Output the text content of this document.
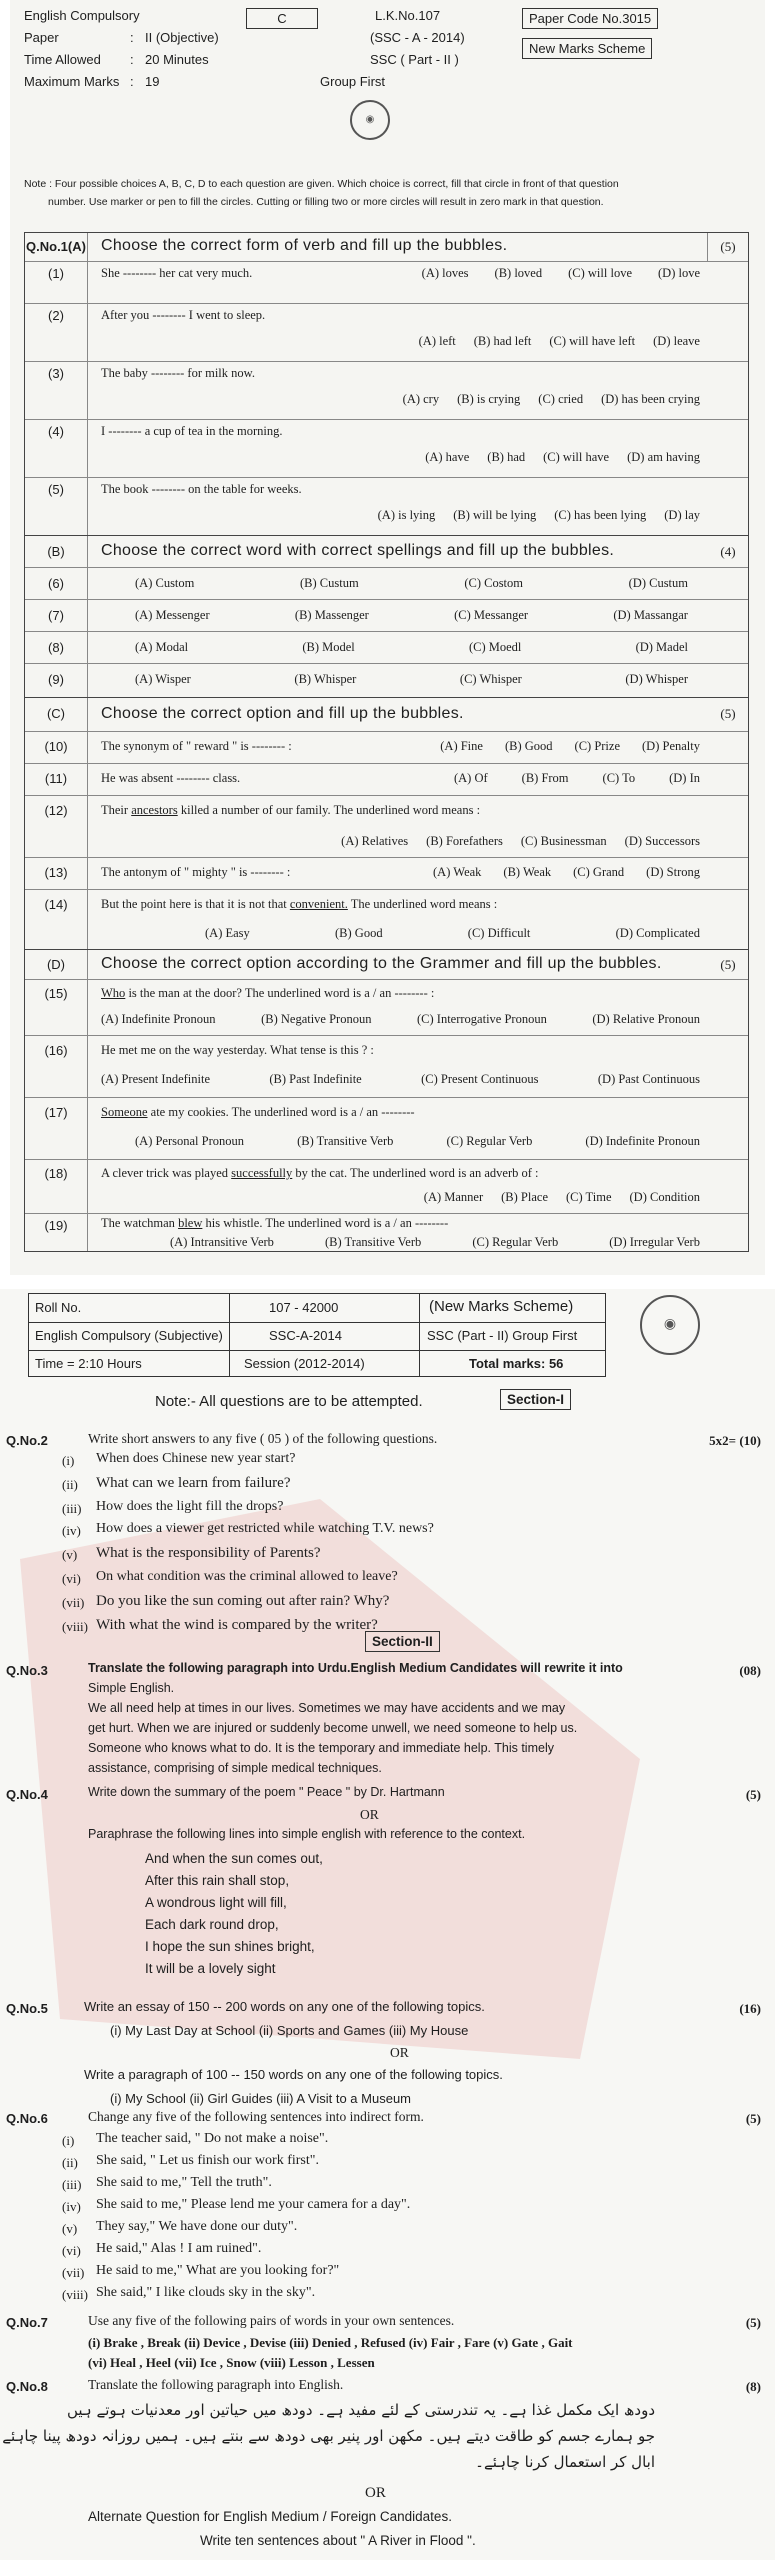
English Compulsory
Paper	: II (Objective)
Time Allowed : 20 Minutes
Maximum Marks : 19
C	L.K.No.107
(SSC - A - 2014)
SSC ( Part - II )
Group First
Paper Code No.3015
New Marks Scheme
◉
Note : Four possible choices A, B, C, D to each question are given. Which choice is correct, fill that circle in front of that question
number. Use marker or pen to fill the circles. Cutting or filling two or more circles will result in zero mark in that question.
Q.No.1(A) Choose the correct form of verb and fill up the bubbles.	(5)
(1)	She -------- her cat very much.	(A) loves (B) loved (C) will love (D) love
(2)	After you -------- I went to sleep.
(A) left (B) had left (C) will have left (D) leave
(3)	The baby -------- for milk now.
(A) cry (B) is crying (C) cried (D) has been crying
(4)	I -------- a cup of tea in the morning.
(A) have (B) had (C) will have (D) am having
(5)	The book -------- on the table for weeks.
(A) is lying (B) will be lying (C) has been lying (D) lay
(B)	Choose the correct word with correct spellings and fill up the bubbles.	(4)
(6)	(A) Custom	(B) Custum	(C) Costom	(D) Custum
(7)	(A) Messenger	(B) Massenger	(C) Messanger	(D) Massangar
(8)	(A) Modal	(B) Model	(C) Moedl	(D) Madel
(9)	(A) Wisper	(B) Whisper	(C) Whisper	(D) Whisper
(C)	Choose the correct option and fill up the bubbles.	(5)
(10)	The synonym of " reward " is -------- :	(A) Fine (B) Good (C) Prize (D) Penalty
(11)	He was absent -------- class.	(A) Of	(B) From	(C) To	(D) In
(12)	Their ancestors killed a number of our family. The underlined word means :
(A) Relatives (B) Forefathers (C) Businessman (D) Successors
(13)	The antonym of " mighty " is -------- :	(A) Weak (B) Weak (C) Grand (D) Strong
(14)	But the point here is that it is not that convenient. The underlined word means :
(A) Easy	(B) Good	(C) Difficult	(D) Complicated
(D)	Choose the correct option according to the Grammer and fill up the bubbles.	(5)
(15)	Who is the man at the door? The underlined word is a / an -------- :
(A) Indefinite Pronoun	(B) Negative Pronoun	(C) Interrogative Pronoun	(D) Relative Pronoun
(16)	He met me on the way yesterday. What tense is this ? :
(A) Present Indefinite	(B) Past Indefinite	(C) Present Continuous	(D) Past Continuous
(17)	Someone ate my cookies. The underlined word is a / an --------
(A) Personal Pronoun	(B) Transitive Verb	(C) Regular Verb	(D) Indefinite Pronoun
(18)	A clever trick was played successfully by the cat. The underlined word is an adverb of :
(A) Manner (B) Place (C) Time (D) Condition
(19)	The watchman blew his whistle. The underlined word is a / an --------
(A) Intransitive Verb	(B) Transitive Verb	(C) Regular Verb	(D) Irregular Verb
Roll No.	107 - 42000	(New Marks Scheme)
English Compulsory (Subjective)	SSC-A-2014	SSC (Part - II) Group First
Time = 2:10 Hours	Session (2012-2014)	Total marks: 56
◉
Note:- All questions are to be attempted.	Section-I
Q.No.2	Write short answers to any five ( 05 ) of the following questions.	5x2= (10)
(i) When does Chinese new year start?
(ii) What can we learn from failure?
(iii) How does the light fill the drops?
(iv) How does a viewer get restricted while watching T.V. news?
(v) What is the responsibility of Parents?
(vi) On what condition was the criminal allowed to leave?
(vii) Do you like the sun coming out after rain? Why?
(viii) With what the wind is compared by the writer?
Section-II
Q.No.3	Translate the following paragraph into Urdu.English Medium Candidates will rewrite it into	(08)
Simple English.
We all need help at times in our lives. Sometimes we may have accidents and we may
get hurt. When we are injured or suddenly become unwell, we need someone to help us.
Someone who knows what to do. It is the temporary and immediate help. This timely
assistance, comprising of simple medical techniques.
Q.No.4	Write down the summary of the poem " Peace " by Dr. Hartmann	(5)
OR
Paraphrase the following lines into simple english with reference to the context.
And when the sun comes out,
After this rain shall stop,
A wondrous light will fill,
Each dark round drop,
I hope the sun shines bright,
It will be a lovely sight
Q.No.5	Write an essay of 150 -- 200 words on any one of the following topics.	(16)
(i) My Last Day at School (ii) Sports and Games (iii) My House
OR
Write a paragraph of 100 -- 150 words on any one of the following topics.
(i) My School (ii) Girl Guides (iii) A Visit to a Museum
Q.No.6	Change any five of the following sentences into indirect form.	(5)
(i) The teacher said, " Do not make a noise".
(ii) She said, " Let us finish our work first".
(iii) She said to me," Tell the truth".
(iv) She said to me," Please lend me your camera for a day".
(v) They say," We have done our duty".
(vi) He said," Alas ! I am ruined".
(vii) He said to me," What are you looking for?"
(viii) She said," I like clouds sky in the sky".
Q.No.7	Use any five of the following pairs of words in your own sentences.	(5)
(i) Brake , Break (ii) Device , Devise (iii) Denied , Refused (iv) Fair , Fare (v) Gate , Gait
(vi) Heal , Heel (vii) Ice , Snow (viii) Lesson , Lessen
Q.No.8	Translate the following paragraph into English.	(8)
دودھ ایک مکمل غذا ہے۔ یہ تندرستی کے لئے مفید ہے۔ دودھ میں حیاتین اور معدنیات ہوتے ہیں
جو ہمارے جسم کو طاقت دیتے ہیں۔ مکھن اور پنیر بھی دودھ سے بنتے ہیں۔ ہمیں روزانہ دودھ پینا چاہئے
ابال کر استعمال کرنا چاہئے۔
OR
Alternate Question for English Medium / Foreign Candidates.
Write ten sentences about " A River in Flood ".
